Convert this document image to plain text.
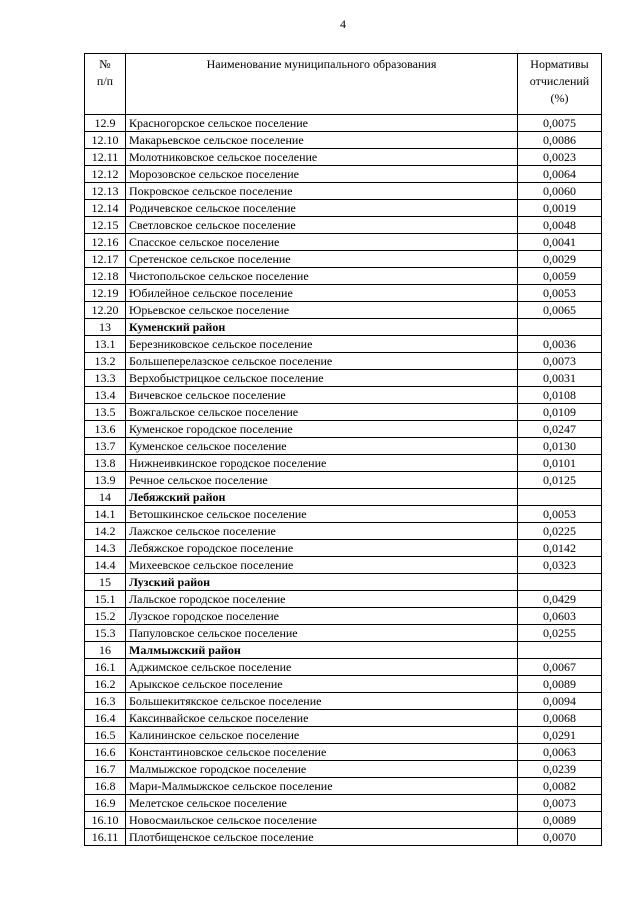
4
№
п/п	Наименование муниципального образования	Нормативы
отчислений
(%)

12.9	Красногорское сельское поселение	0,0075
12.10	Макарьевское сельское поселение	0,0086
12.11	Молотниковское сельское поселение	0,0023
12.12	Морозовское сельское поселение	0,0064
12.13	Покровское сельское поселение	0,0060
12.14	Родичевское сельское поселение	0,0019
12.15	Светловское сельское поселение	0,0048
12.16	Спасское сельское поселение	0,0041
12.17	Сретенское сельское поселение	0,0029
12.18	Чистопольское сельское поселение	0,0059
12.19	Юбилейное сельское поселение	0,0053
12.20	Юрьевское сельское поселение	0,0065
13	Куменский район	
13.1	Березниковское сельское поселение	0,0036
13.2	Большеперелазское сельское поселение	0,0073
13.3	Верхобыстрицкое сельское поселение	0,0031
13.4	Вичевское сельское поселение	0,0108
13.5	Вожгальское сельское поселение	0,0109
13.6	Куменское городское поселение	0,0247
13.7	Куменское сельское поселение	0,0130
13.8	Нижнеивкинское городское поселение	0,0101
13.9	Речное сельское поселение	0,0125
14	Лебяжский район	
14.1	Ветошкинское сельское поселение	0,0053
14.2	Лажское сельское поселение	0,0225
14.3	Лебяжское городское поселение	0,0142
14.4	Михеевское сельское поселение	0,0323
15	Лузский район	
15.1	Лальское городское поселение	0,0429
15.2	Лузское городское поселение	0,0603
15.3	Папуловское сельское поселение	0,0255
16	Малмыжский район	
16.1	Аджимское сельское поселение	0,0067
16.2	Арыкское сельское поселение	0,0089
16.3	Большекитякское сельское поселение	0,0094
16.4	Каксинвайское сельское поселение	0,0068
16.5	Калининское сельское поселение	0,0291
16.6	Константиновское сельское поселение	0,0063
16.7	Малмыжское городское поселение	0,0239
16.8	Мари-Малмыжское сельское поселение	0,0082
16.9	Мелетское сельское поселение	0,0073
16.10	Новосмаильское сельское поселение	0,0089
16.11	Плотбищенское сельское поселение	0,0070
